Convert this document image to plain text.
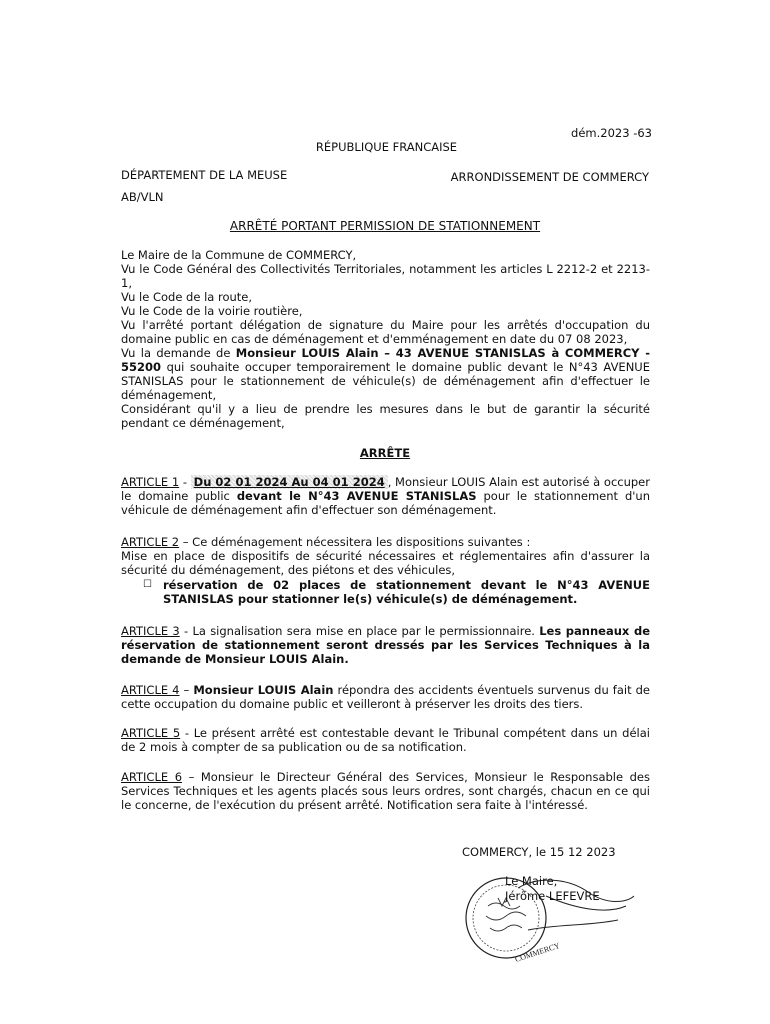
dém.2023 -63
RÉPUBLIQUE FRANCAISE
DÉPARTEMENT DE LA MEUSE	ARRONDISSEMENT DE COMMERCY
AB/VLN
ARRÊTÉ PORTANT PERMISSION DE STATIONNEMENT

Le Maire de la Commune de COMMERCY,

Vu le Code Général des Collectivités Territoriales, notamment les articles L 2212-2 et 2213-1,

Vu le Code de la route,

Vu le Code de la voirie routière,

Vu l'arrêté portant délégation de signature du Maire pour les arrêtés d'occupation du domaine public en cas de déménagement et d'emménagement en date du 07 08 2023,

Vu la demande de Monsieur LOUIS Alain – 43 AVENUE STANISLAS à COMMERCY - 55200 qui souhaite occuper temporairement le domaine public devant le N°43 AVENUE STANISLAS pour le stationnement de véhicule(s) de déménagement afin d'effectuer le déménagement,

Considérant qu'il y a lieu de prendre les mesures dans le but de garantir la sécurité pendant ce déménagement,

ARRÊTE
ARTICLE 1 - Du 02 01 2024 Au 04 01 2024 , Monsieur LOUIS Alain est autorisé à occuper le domaine public devant le N°43 AVENUE STANISLAS pour le stationnement d'un véhicule de déménagement afin d'effectuer son déménagement.

ARTICLE 2 – Ce déménagement nécessitera les dispositions suivantes :

Mise en place de dispositifs de sécurité nécessaires et réglementaires afin d'assurer la sécurité du déménagement, des piétons et des véhicules,

☐ réservation de 02 places de stationnement devant le N°43 AVENUE STANISLAS pour stationner le(s) véhicule(s) de déménagement.
ARTICLE 3 - La signalisation sera mise en place par le permissionnaire. Les panneaux de réservation de stationnement seront dressés par les Services Techniques à la demande de Monsieur LOUIS Alain.
ARTICLE 4 – Monsieur LOUIS Alain répondra des accidents éventuels survenus du fait de cette occupation du domaine public et veilleront à préserver les droits des tiers.
ARTICLE 5 - Le présent arrêté est contestable devant le Tribunal compétent dans un délai de 2 mois à compter de sa publication ou de sa notification.
ARTICLE 6 – Monsieur le Directeur Général des Services, Monsieur le Responsable des Services Techniques et les agents placés sous leurs ordres, sont chargés, chacun en ce qui le concerne, de l'exécution du présent arrêté. Notification sera faite à l'intéressé.
COMMERCY, le 15 12 2023
COMMERCY
Le Maire,
Jérôme LEFEVRE
